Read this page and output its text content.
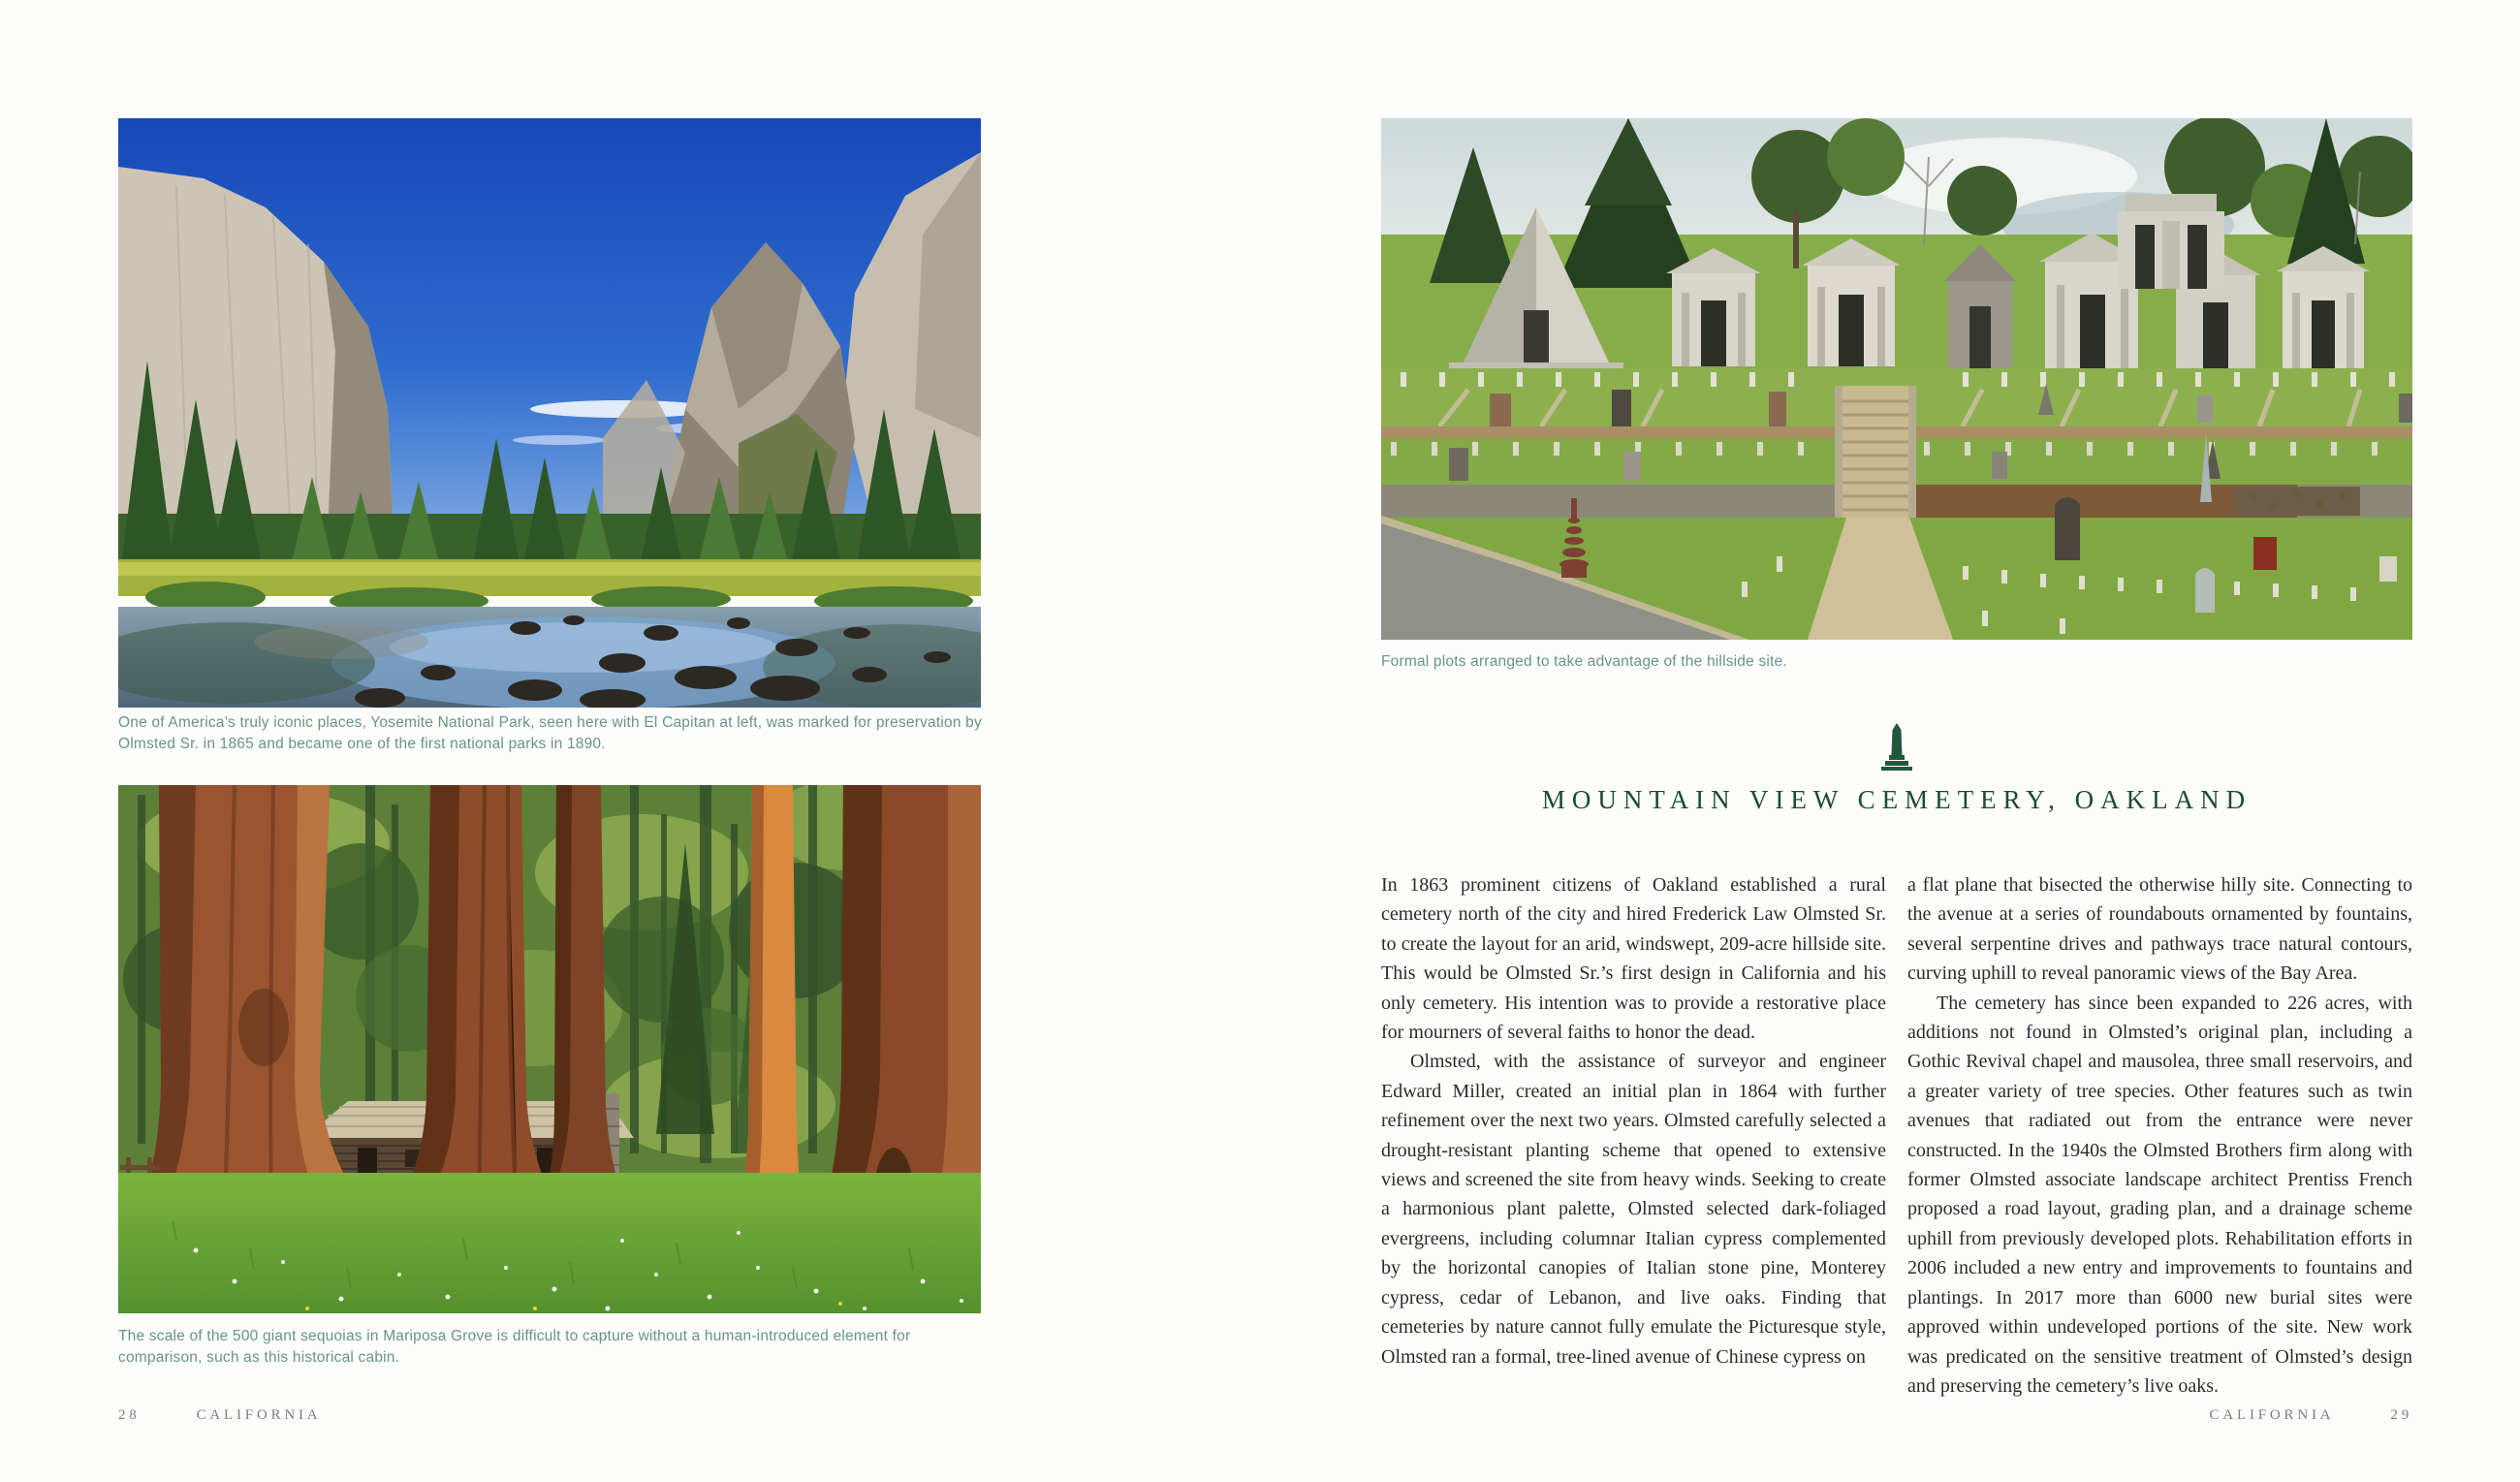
One of America’s truly iconic places, Yosemite National Park, seen here with El Capitan at left, was marked for preservation by Olmsted Sr. in 1865 and became one of the first national parks in 1890.

The scale of the 500 giant sequoias in Mariposa Grove is difficult to capture without a human-introduced element for comparison, such as this historical cabin.

28	CALIFORNIA

Formal plots arranged to take advantage of the hillside site.

MOUNTAIN VIEW CEMETERY, OAKLAND

In 1863 prominent citizens of Oakland established a rural cemetery north of the city and hired Frederick Law Olmsted Sr. to create the layout for an arid, windswept, 209-acre hillside site. This would be Olmsted Sr.’s first design in California and his only cemetery. His intention was to provide a restorative place for mourners of several faiths to honor the dead.

Olmsted, with the assistance of surveyor and engineer Edward Miller, created an initial plan in 1864 with further refinement over the next two years. Olmsted carefully selected a drought-resistant planting scheme that opened to extensive views and screened the site from heavy winds. Seeking to create a harmonious plant palette, Olmsted selected dark-foliaged evergreens, including columnar Italian cypress complemented by the horizontal canopies of Italian stone pine, Monterey cypress, cedar of Lebanon, and live oaks. Finding that cemeteries by nature cannot fully emulate the Picturesque style, Olmsted ran a formal, tree-lined avenue of Chinese cypress on

a flat plane that bisected the otherwise hilly site. Connecting to the avenue at a series of roundabouts ornamented by fountains, several serpentine drives and pathways trace natural contours, curving uphill to reveal panoramic views of the Bay Area.

The cemetery has since been expanded to 226 acres, with additions not found in Olmsted’s original plan, including a Gothic Revival chapel and mausolea, three small reservoirs, and a greater variety of tree species. Other features such as twin avenues that radiated out from the entrance were never constructed. In the 1940s the Olmsted Brothers firm along with former Olmsted associate landscape architect Prentiss French proposed a road layout, grading plan, and a drainage scheme uphill from previously developed plots. Rehabilitation efforts in 2006 included a new entry and improvements to fountains and plantings. In 2017 more than 6000 new burial sites were approved within undeveloped portions of the site. New work was predicated on the sensitive treatment of Olmsted’s design and preserving the cemetery’s live oaks.

CALIFORNIA	29
